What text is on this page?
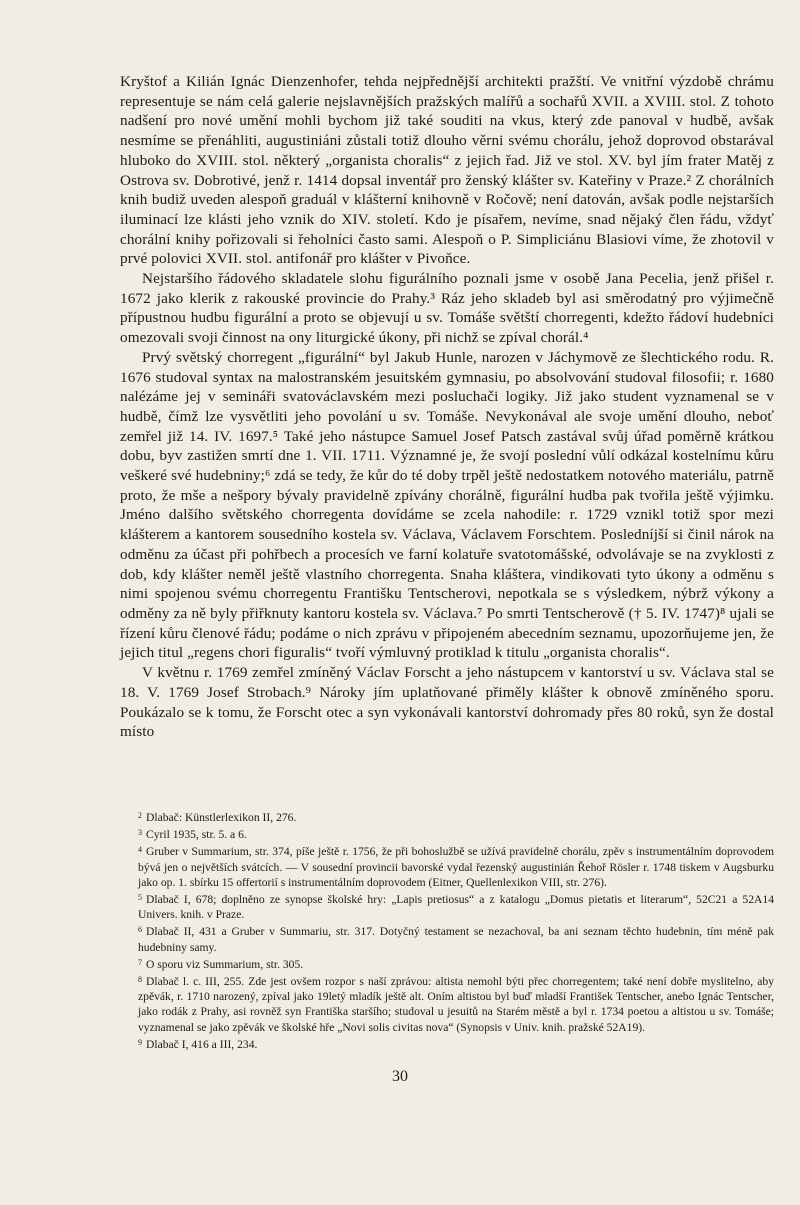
Kryštof a Kilián Ignác Dienzenhofer, tehda nejpřednější architekti pražští. Ve vnitřní výzdobě chrámu representuje se nám celá galerie nejslavnějších pražských malířů a sochařů XVII. a XVIII. stol. Z tohoto nadšení pro nové umění mohli bychom již také souditi na vkus, který zde panoval v hudbě, avšak nesmíme se přenáhliti, augustiniáni zůstali totiž dlouho věrni svému chorálu, jehož doprovod obstarával hluboko do XVIII. stol. některý „organista choralis“ z jejich řad. Již ve stol. XV. byl jím frater Matěj z Ostrova sv. Dobrotivé, jenž r. 1414 dopsal inventář pro ženský klášter sv. Kateřiny v Praze.² Z chorálních knih budiž uveden alespoň graduál v klášterní knihovně v Ročově; není datován, avšak podle nejstarších iluminací lze klásti jeho vznik do XIV. století. Kdo je písařem, nevíme, snad nějaký člen řádu, vždyť chorální knihy pořizovali si řeholníci často sami. Alespoň o P. Simpliciánu Blasiovi víme, že zhotovil v prvé polovici XVII. stol. antifonář pro klášter v Pivoňce.

Nejstaršího řádového skladatele slohu figurálního poznali jsme v osobě Jana Pecelia, jenž přišel r. 1672 jako klerik z rakouské provincie do Prahy.³ Ráz jeho skladeb byl asi směrodatný pro výjimečně přípustnou hudbu figurální a proto se objevují u sv. Tomáše světští chorregenti, kdežto řádoví hudebníci omezovali svoji činnost na ony liturgické úkony, při nichž se zpíval chorál.⁴

Prvý světský chorregent „figurální“ byl Jakub Hunle, narozen v Jáchymově ze šlechtického rodu. R. 1676 studoval syntax na malostranském jesuitském gymnasiu, po absolvování studoval filosofii; r. 1680 nalézáme jej v semináři svatováclavském mezi posluchači logiky. Již jako student vyznamenal se v hudbě, čímž lze vysvětliti jeho povolání u sv. Tomáše. Nevykonával ale svoje umění dlouho, neboť zemřel již 14. IV. 1697.⁵ Také jeho nástupce Samuel Josef Patsch zastával svůj úřad poměrně krátkou dobu, byv zastižen smrtí dne 1. VII. 1711. Významné je, že svojí poslední vůlí odkázal kostelnímu kůru veškeré své hudebniny;⁶ zdá se tedy, že kůr do té doby trpěl ještě nedostatkem notového materiálu, patrně proto, že mše a nešpory bývaly pravidelně zpívány chorálně, figurální hudba pak tvořila ještě výjimku. Jméno dalšího světského chorregenta dovídáme se zcela nahodile: r. 1729 vznikl totiž spor mezi klášterem a kantorem sousedního kostela sv. Václava, Václavem Forschtem. Posledníjší si činil nárok na odměnu za účast při pohřbech a procesích ve farní kolatuře svatotomášské, odvolávaje se na zvyklosti z dob, kdy klášter neměl ještě vlastního chorregenta. Snaha kláštera, vindikovati tyto úkony a odměnu s nimi spojenou svému chorregentu Františku Tentscherovi, nepotkala se s výsledkem, nýbrž výkony a odměny za ně byly přiřknuty kantoru kostela sv. Václava.⁷ Po smrti Tentscherově († 5. IV. 1747)⁸ ujali se řízení kůru členové řádu; podáme o nich zprávu v připojeném abecedním seznamu, upozorňujeme jen, že jejich titul „regens chori figuralis“ tvoří výmluvný protiklad k titulu „organista choralis“.

V květnu r. 1769 zemřel zmíněný Václav Forscht a jeho nástupcem v kantorství u sv. Václava stal se 18. V. 1769 Josef Strobach.⁹ Nároky jím uplatňované přiměly klášter k obnově zmíněného sporu. Poukázalo se k tomu, že Forscht otec a syn vykonávali kantorství dohromady přes 80 roků, syn že dostal místo

$^2$ Dlabač: Künstlerlexikon II, 276.

$^3$ Cyril 1935, str. 5. a 6.

$^4$ Gruber v Summarium, str. 374, píše ještě r. 1756, že při bohoslužbě se užívá pravidelně chorálu, zpěv s instrumentálním doprovodem bývá jen o největších svátcích. — V sousední provincii bavorské vydal řezenský augustinián Řehoř Rösler r. 1748 tiskem v Augsburku jako op. 1. sbírku 15 offertorií s instrumentálním doprovodem (Eitner, Quellenlexikon VIII, str. 276).

$^5$ Dlabač I, 678; doplněno ze synopse školské hry: „Lapis pretiosus“ a z katalogu „Domus pietatis et literarum“, 52C21 a 52A14 Univers. knih. v Praze.

$^6$ Dlabač II, 431 a Gruber v Summariu, str. 317. Dotyčný testament se nezachoval, ba ani seznam těchto hudebnin, tím méně pak hudebniny samy.

$^7$ O sporu viz Summarium, str. 305.

$^8$ Dlabač l. c. III, 255. Zde jest ovšem rozpor s naší zprávou: altista nemohl býti přec chorregentem; také není dobře myslitelno, aby zpěvák, r. 1710 narozený, zpíval jako 19letý mladík ještě alt. Oním altistou byl buď mladší František Tentscher, anebo Ignác Tentscher, jako rodák z Prahy, asi rovněž syn Františka staršího; studoval u jesuitů na Starém městě a byl r. 1734 poetou a altistou u sv. Tomáše; vyznamenal se jako zpěvák ve školské hře „Novi solis civitas nova“ (Synopsis v Univ. knih. pražské 52A19).

$^9$ Dlabač I, 416 a III, 234.

30
